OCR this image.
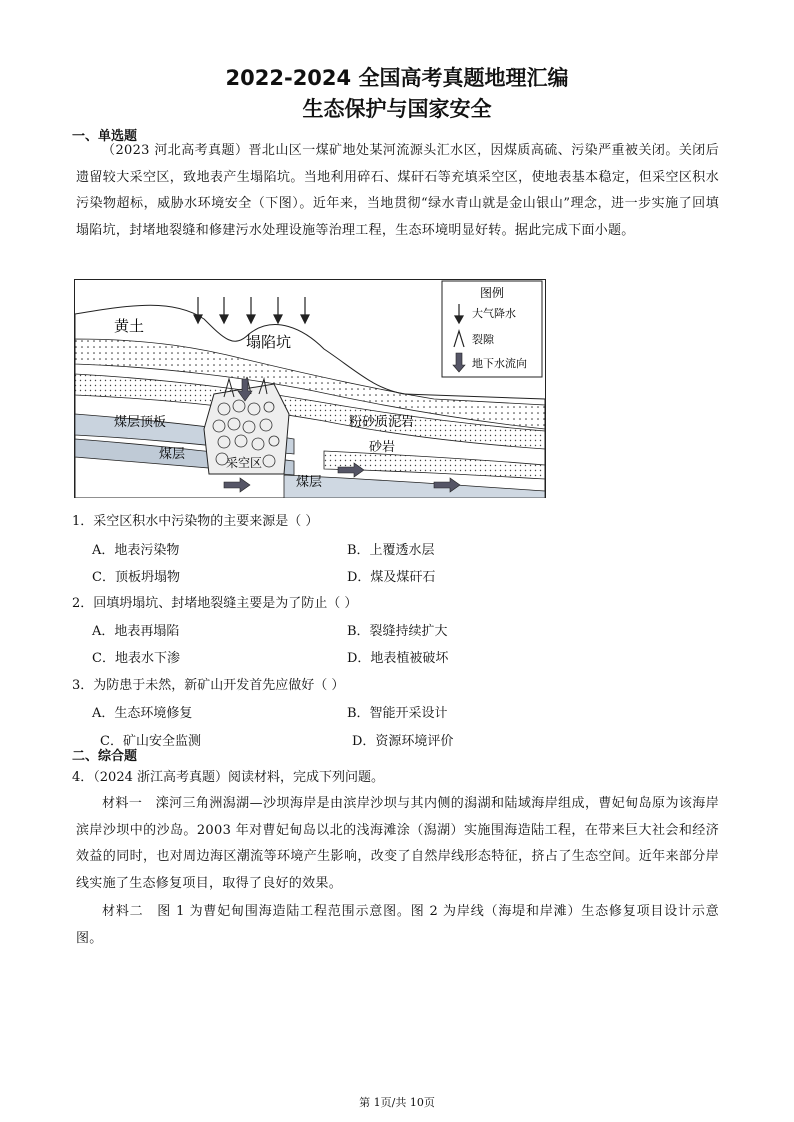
2022-2024 全国高考真题地理汇编
生态保护与国家安全
一、单选题
（2023 河北高考真题）晋北山区一煤矿地处某河流源头汇水区，因煤质高硫、污染严重被关闭。关闭后遗留较大采空区，致地表产生塌陷坑。当地利用碎石、煤矸石等充填采空区，使地表基本稳定，但采空区积水污染物超标，威胁水环境安全（下图）。近年来，当地贯彻“绿水青山就是金山银山”理念，进一步实施了回填塌陷坑，封堵地裂缝和修建污水处理设施等治理工程，生态环境明显好转。据此完成下面小题。
图例
大气降水
裂隙
地下水流向
黄土
塌陷坑
煤层顶板	粉砂质泥岩
砂岩
煤层
煤层
采空区
1．采空区积水中污染物的主要来源是（ ）
A．地表污染物	B．上覆透水层
C．顶板坍塌物	D．煤及煤矸石
2．回填坍塌坑、封堵地裂缝主要是为了防止（ ）
A．地表再塌陷	B．裂缝持续扩大
C．地表水下渗	D．地表植被破坏
3．为防患于未然，新矿山开发首先应做好（ ）
A．生态环境修复	B．智能开采设计
C．矿山安全监测	D．资源环境评价
二、综合题
4．（2024 浙江高考真题）阅读材料，完成下列问题。
材料一　滦河三角洲潟湖—沙坝海岸是由滨岸沙坝与其内侧的潟湖和陆域海岸组成，曹妃甸岛原为该海岸滨岸沙坝中的沙岛。2003 年对曹妃甸岛以北的浅海滩涂（潟湖）实施围海造陆工程，在带来巨大社会和经济效益的同时，也对周边海区潮流等环境产生影响，改变了自然岸线形态特征，挤占了生态空间。近年来部分岸线实施了生态修复项目，取得了良好的效果。
材料二　图 1 为曹妃甸围海造陆工程范围示意图。图 2 为岸线（海堤和岸滩）生态修复项目设计示意图。
第 1页/共 10页
